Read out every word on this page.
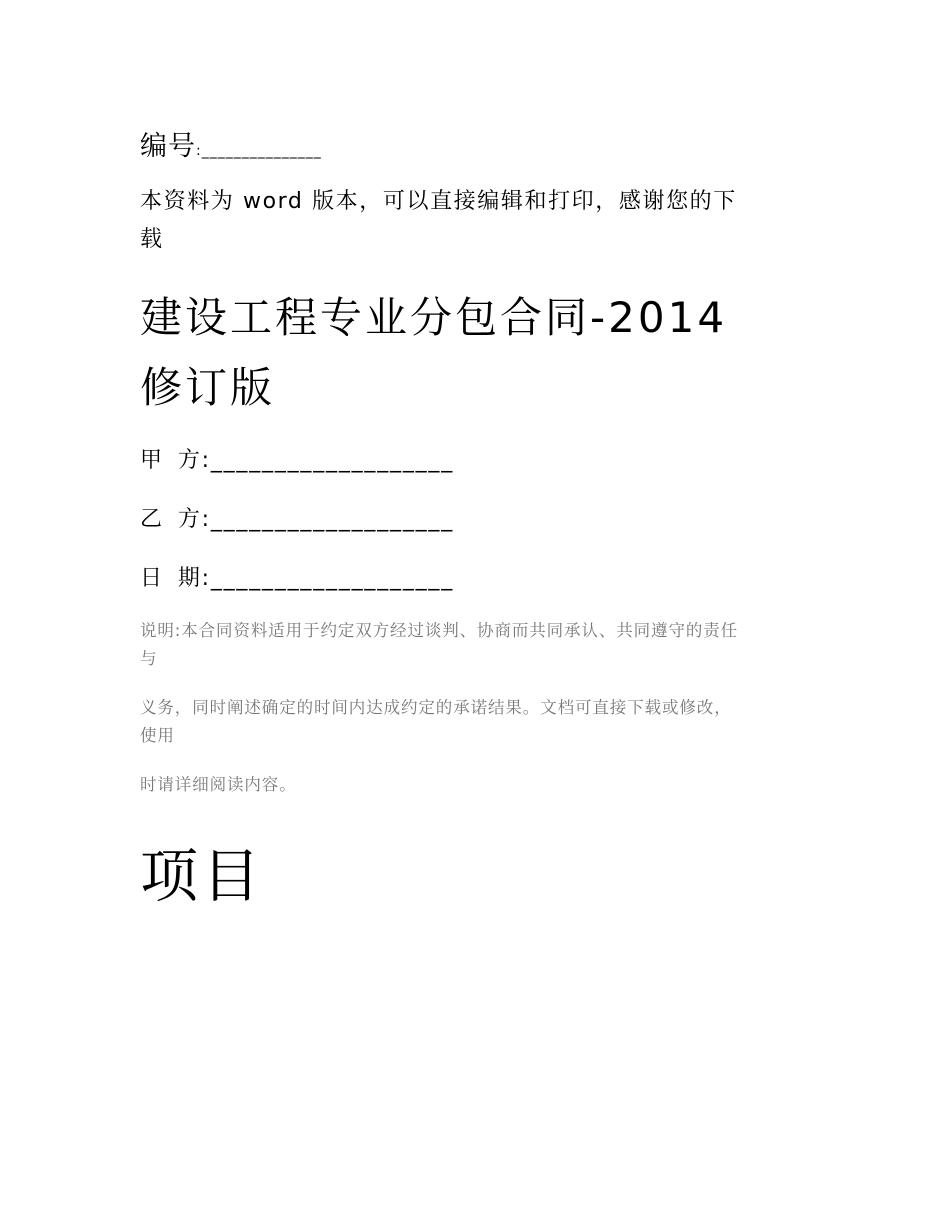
编号:_______________
本资料为 word 版本，可以直接编辑和打印，感谢您的下
载
建设工程专业分包合同-2014
修订版
甲 方:___________________
乙 方:___________________
日 期:___________________
说明:本合同资料适用于约定双方经过谈判、协商而共同承认、共同遵守的责任
与
义务，同时阐述确定的时间内达成约定的承诺结果。文档可直接下载或修改，
使用
时请详细阅读内容。
项目
